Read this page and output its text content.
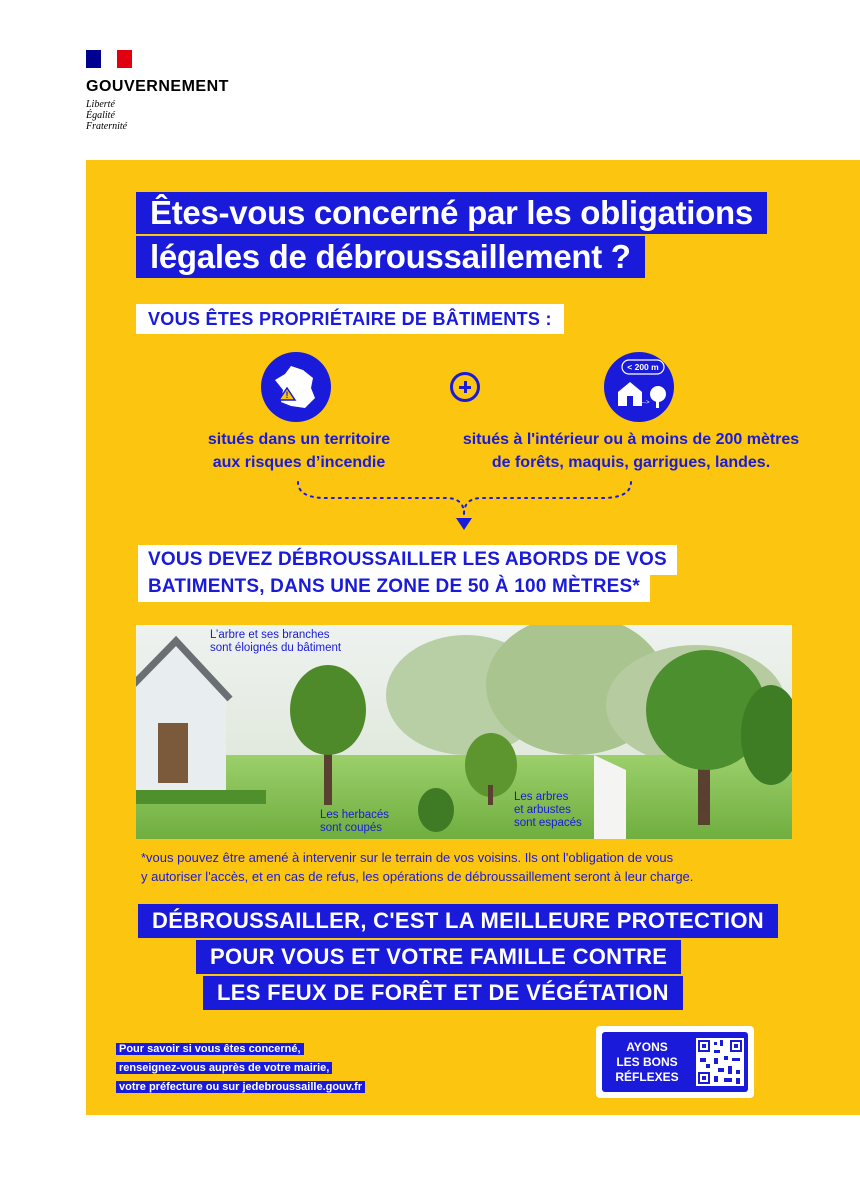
GOUVERNEMENT
Liberté
Égalité
Fraternité
Êtes-vous concerné par les obligations
légales de débroussaillement ?
VOUS ÊTES PROPRIÉTAIRE DE BÂTIMENTS :
!
< 200 m
<-->
situés dans un territoire
aux risques d’incendie
situés à l'intérieur ou à moins de 200 mètres
de forêts, maquis, garrigues, landes.
VOUS DEVEZ DÉBROUSSAILLER LES ABORDS DE VOS
BATIMENTS, DANS UNE ZONE DE 50 À 100 MÈTRES*
L’arbre et ses branches
sont éloignés du bâtiment
Les herbacés
sont coupés
Les arbres
et arbustes
sont espacés
*vous pouvez être amené à intervenir sur le terrain de vos voisins. Ils ont l'obligation de vous
y autoriser l'accès, et en cas de refus, les opérations de débroussaillement seront à leur charge.
DÉBROUSSAILLER, C'EST LA MEILLEURE PROTECTION
POUR VOUS ET VOTRE FAMILLE CONTRE
LES FEUX DE FORÊT ET DE VÉGÉTATION
Pour savoir si vous êtes concerné,
renseignez-vous auprès de votre mairie,
votre préfecture ou sur jedebroussaille.gouv.fr
AYONS
LES BONS
RÉFLEXES
